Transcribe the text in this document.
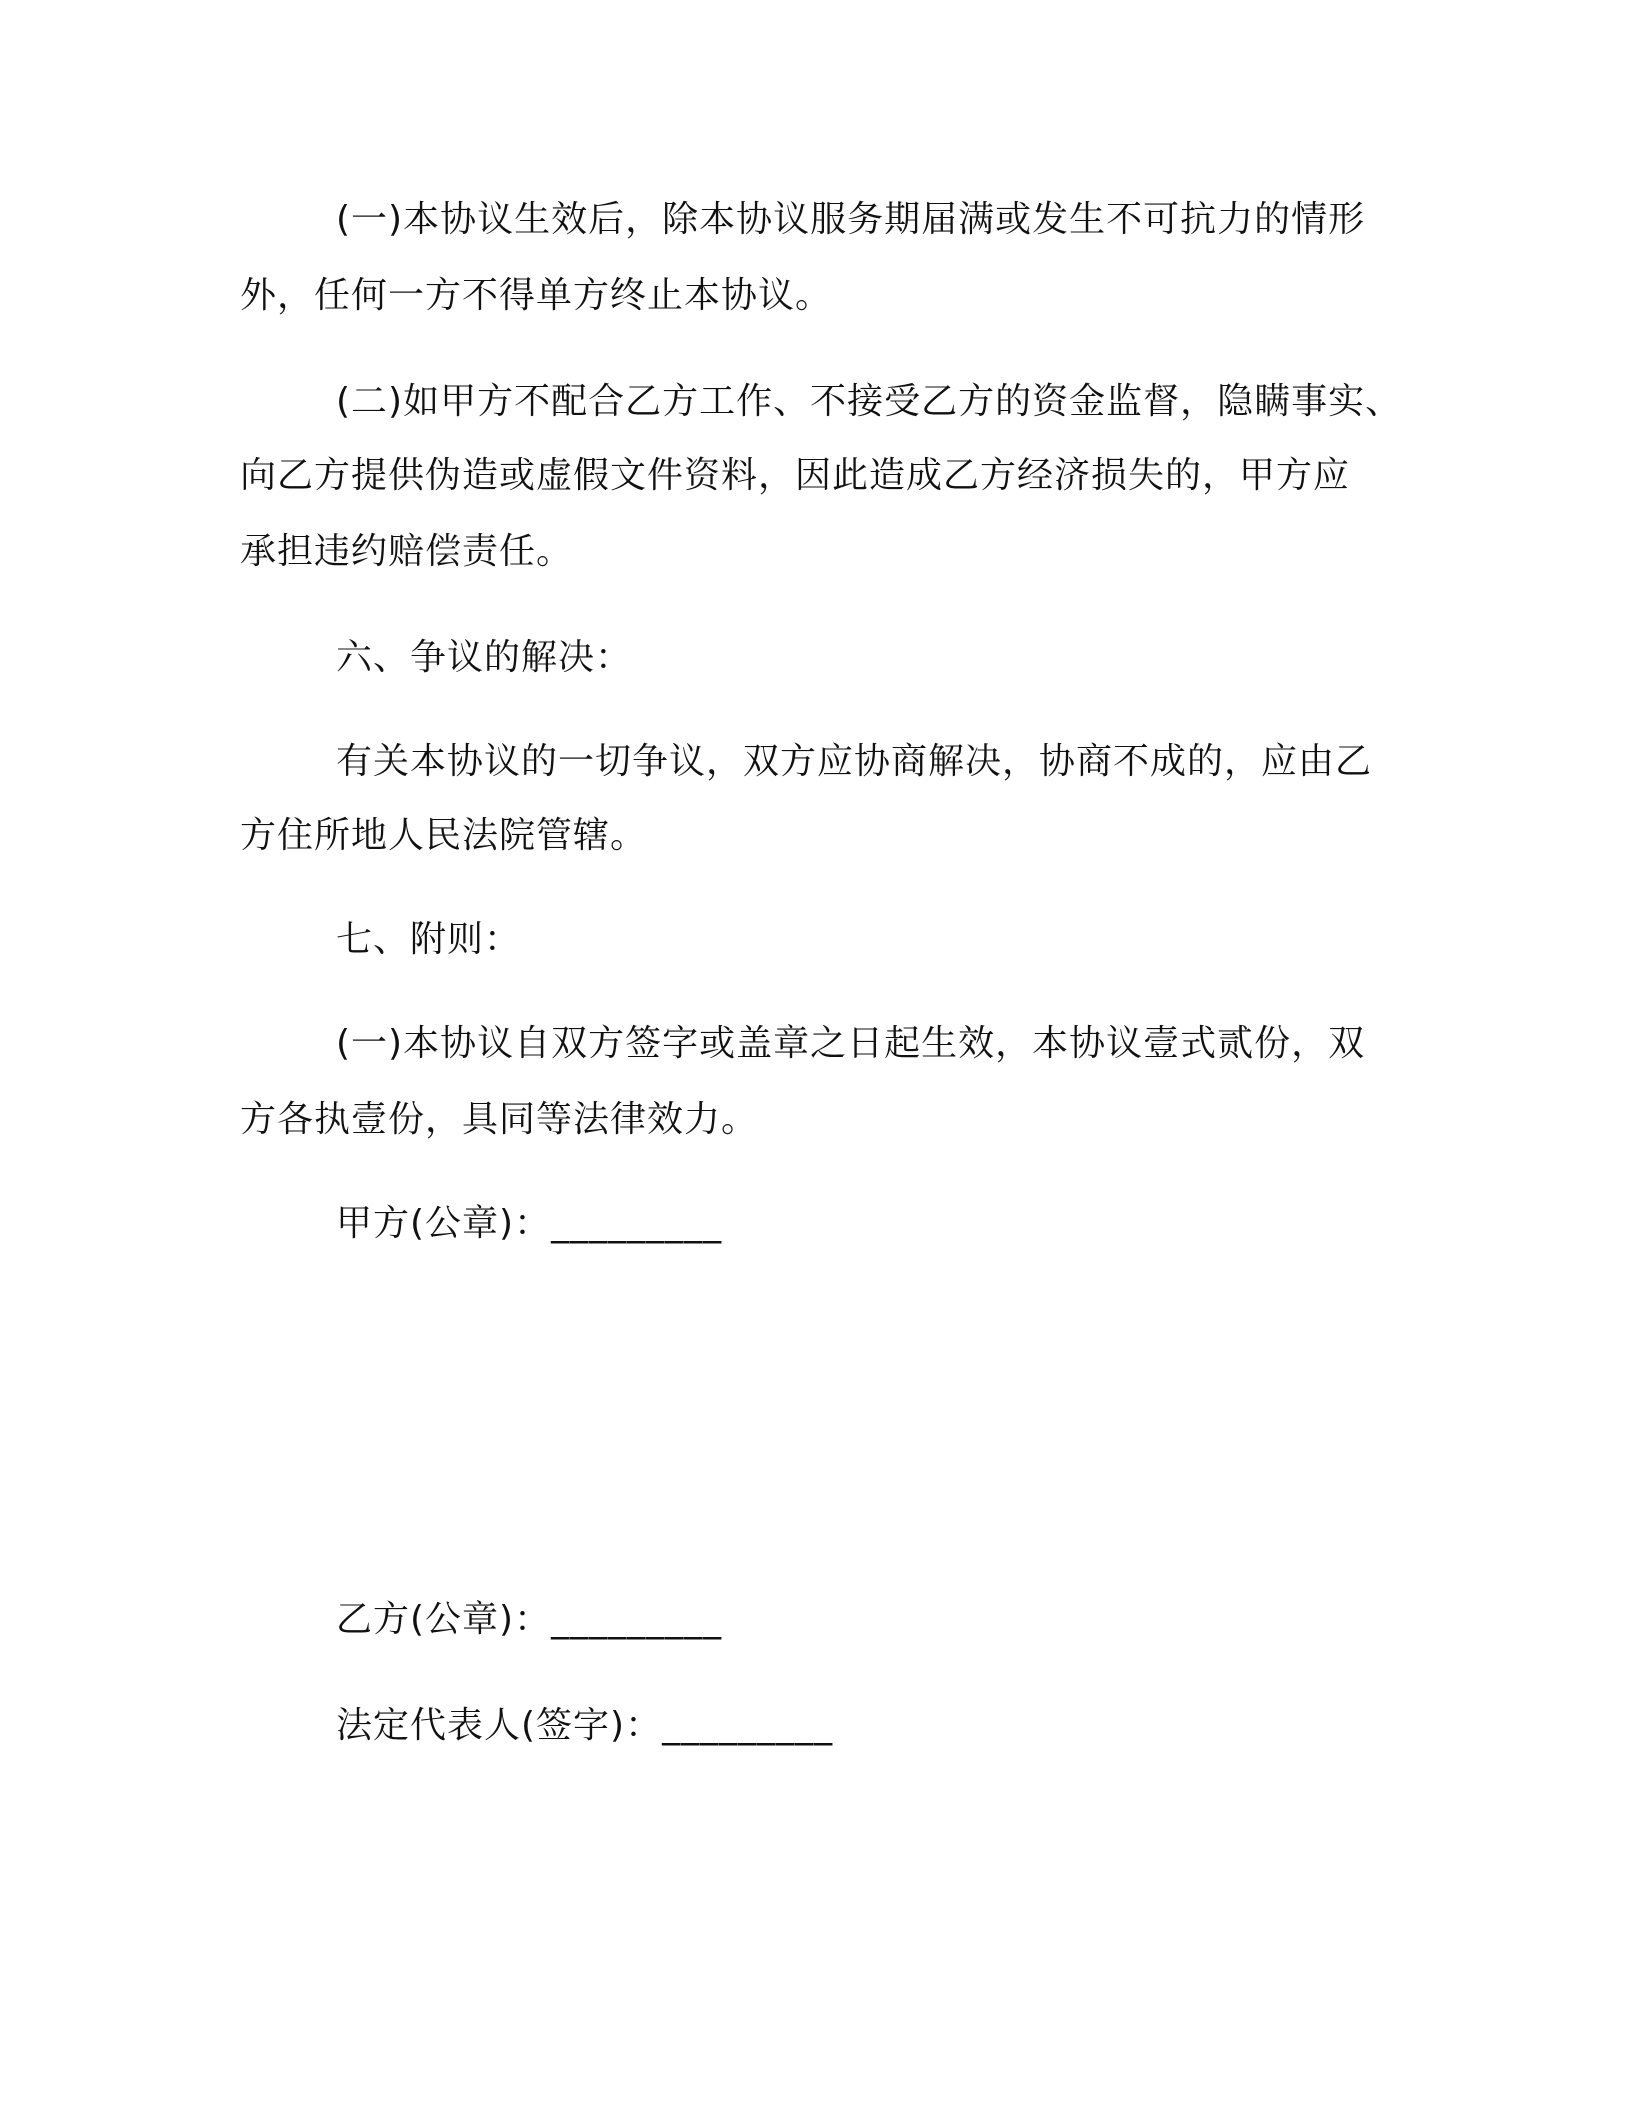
(一)本协议生效后，除本协议服务期届满或发生不可抗力的情形
外，任何一方不得单方终止本协议。
(二)如甲方不配合乙方工作、不接受乙方的资金监督，隐瞒事实、
向乙方提供伪造或虚假文件资料，因此造成乙方经济损失的，甲方应
承担违约赔偿责任。
六、争议的解决：
有关本协议的一切争议，双方应协商解决，协商不成的，应由乙
方住所地人民法院管辖。
七、附则：
(一)本协议自双方签字或盖章之日起生效，本协议壹式贰份，双
方各执壹份，具同等法律效力。
甲方(公章)：_________
乙方(公章)：_________
法定代表人(签字)：_________
